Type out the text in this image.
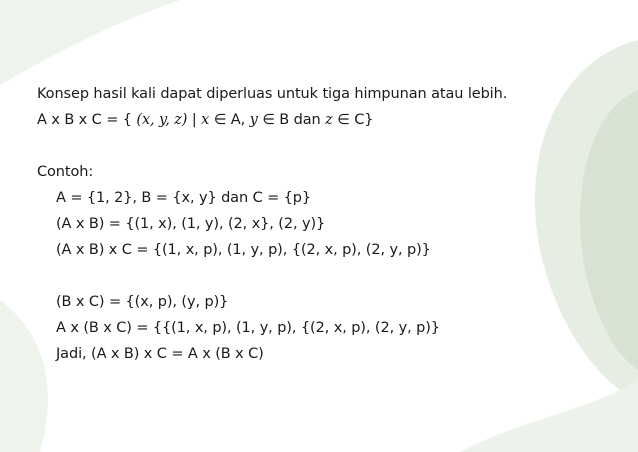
Konsep hasil kali dapat diperluas untuk tiga himpunan atau lebih.
A x B x C = { (x, y, z) | x ∈ A, y ∈ B dan z ∈ C}
Contoh:
A = {1, 2}, B = {x, y} dan C = {p}
(A x B) = {(1, x), (1, y), (2, x}, (2, y)}
(A x B) x C = {(1, x, p), (1, y, p), {(2, x, p), (2, y, p)}
(B x C) = {(x, p), (y, p)}
A x (B x C) = {{(1, x, p), (1, y, p), {(2, x, p), (2, y, p)}
Jadi, (A x B) x C = A x (B x C)
